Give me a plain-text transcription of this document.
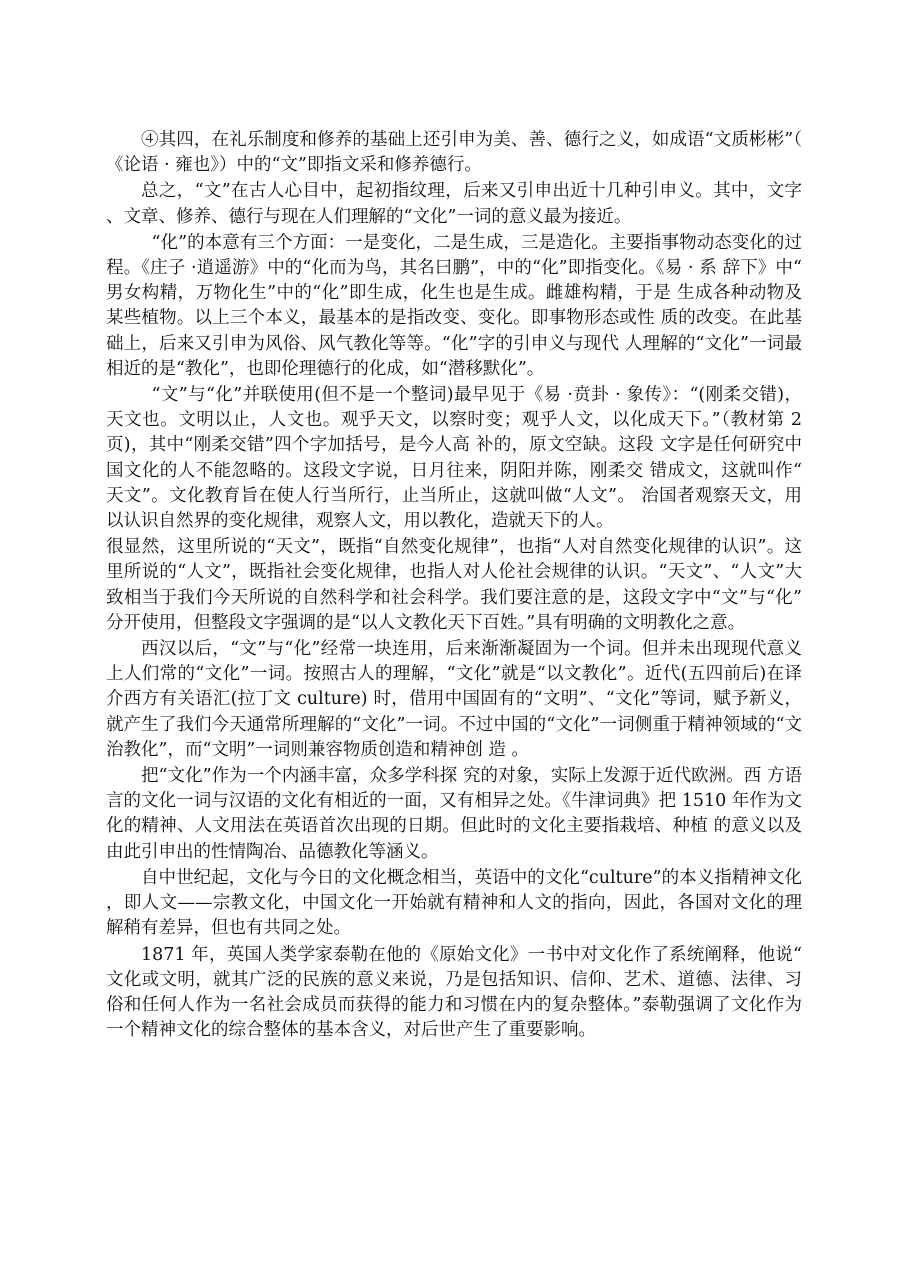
④其四，在礼乐制度和修养的基础上还引申为美、善、德行之义，如成语“文质彬彬”（《论语 · 雍也》）中的“文”即指文采和修养德行。

总之，“文”在古人心目中，起初指纹理，后来又引申出近十几种引申义。其中，文字、文章、修养、德行与现在人们理解的“文化”一词的意义最为接近。

“化”的本意有三个方面：一是变化，二是生成，三是造化。主要指事物动态变化的过程。《庄子 ·逍遥游》中的“化而为鸟，其名曰鹏”，中的“化”即指变化。《易 · 系 辞下》中“男女构精，万物化生”中的“化”即生成，化生也是生成。雌雄构精，于是 生成各种动物及某些植物。以上三个本义，最基本的是指改变、变化。即事物形态或性 质的改变。在此基础上，后来又引申为风俗、风气教化等等。“化”字的引申义与现代 人理解的“文化”一词最相近的是“教化”，也即伦理德行的化成，如“潜移默化”。

“文”与“化”并联使用(但不是一个整词)最早见于《易 ·贲卦 · 象传》：“(刚柔交错)，天文也。文明以止，人文也。观乎天文，以察时变；观乎人文，以化成天下。”（教材第 2 页)，其中“刚柔交错”四个字加括号，是今人高 补的，原文空缺。这段 文字是任何研究中国文化的人不能忽略的。这段文字说，日月往来，阴阳并陈，刚柔交 错成文，这就叫作“天文”。文化教育旨在使人行当所行，止当所止，这就叫做“人文”。 治国者观察天文，用以认识自然界的变化规律，观察人文，用以教化，造就天下的人。

很显然，这里所说的“天文”，既指“自然变化规律”，也指“人对自然变化规律的认识”。这里所说的“人文”，既指社会变化规律，也指人对人伦社会规律的认识。“天文”、“人文”大致相当于我们今天所说的自然科学和社会科学。我们要注意的是，这段文字中“文”与“化”分开使用，但整段文字强调的是“以人文教化天下百姓。”具有明确的文明教化之意。

西汉以后，“文”与“化”经常一块连用，后来渐渐凝固为一个词。但并未出现现代意义上人们常的“文化”一词。按照古人的理解，“文化”就是“以文教化”。近代(五四前后)在译介西方有关语汇(拉丁文 culture) 时，借用中国固有的“文明”、“文化”等词，赋予新义，就产生了我们今天通常所理解的“文化”一词。不过中国的“文化”一词侧重于精神领域的“文治教化”，而“文明”一词则兼容物质创造和精神创 造 。

把“文化”作为一个内涵丰富，众多学科探 究的对象，实际上发源于近代欧洲。西 方语言的文化一词与汉语的文化有相近的一面，又有相异之处。《牛津词典》把 1510 年作为文化的精神、人文用法在英语首次出现的日期。但此时的文化主要指栽培、种植 的意义以及由此引申出的性情陶冶、品德教化等涵义。

自中世纪起，文化与今日的文化概念相当，英语中的文化“culture”的本义指精神文化，即人文——宗教文化，中国文化一开始就有精神和人文的指向，因此，各国对文化的理解稍有差异，但也有共同之处。

1871 年，英国人类学家泰勒在他的《原始文化》一书中对文化作了系统阐释，他说“文化或文明，就其广泛的民族的意义来说，乃是包括知识、信仰、艺术、道德、法律、习俗和任何人作为一名社会成员而获得的能力和习惯在内的复杂整体。”泰勒强调了文化作为一个精神文化的综合整体的基本含义，对后世产生了重要影响。
